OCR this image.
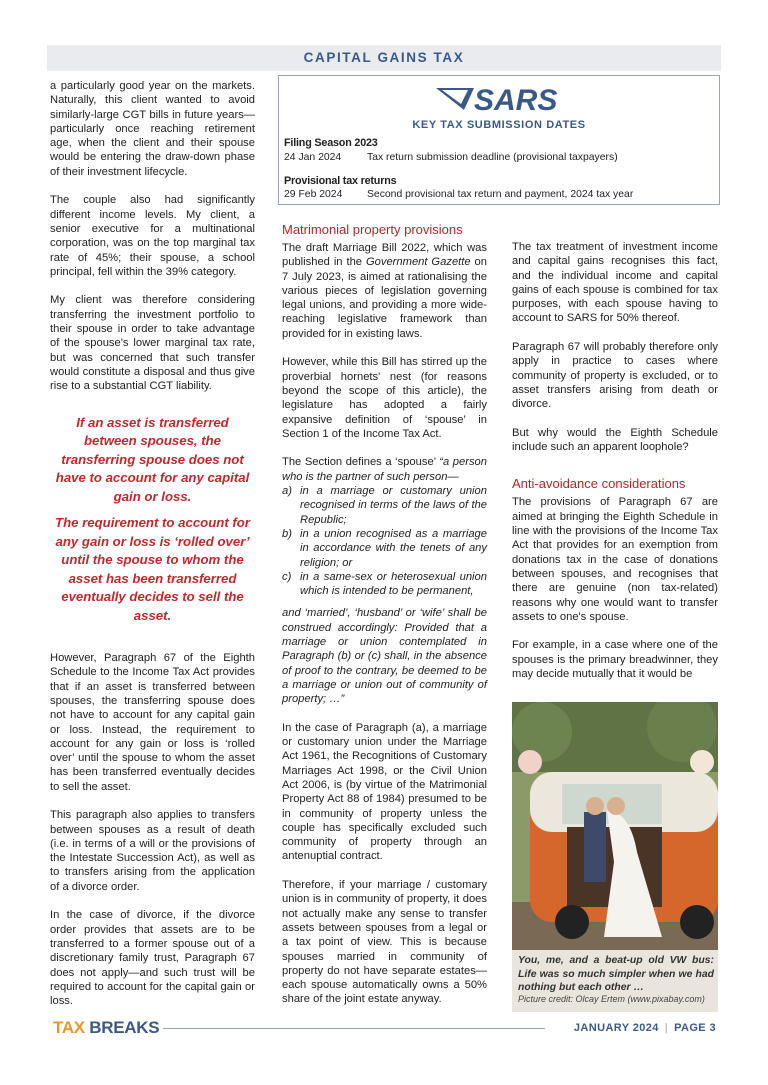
CAPITAL GAINS TAX
SARS
KEY TAX SUBMISSION DATES
Filing Season 2023
24 Jan 2024 Tax return submission deadline (provisional taxpayers)
Provisional tax returns
29 Feb 2024 Second provisional tax return and payment, 2024 tax year

a particularly good year on the markets. Naturally, this client wanted to avoid similarly-large CGT bills in future years—particularly once reaching retirement age, when the client and their spouse would be entering the draw-down phase of their investment lifecycle.

The couple also had significantly different income levels. My client, a senior executive for a multinational corporation, was on the top marginal tax rate of 45%; their spouse, a school principal, fell within the 39% category.

My client was therefore considering transferring the investment portfolio to their spouse in order to take advantage of the spouse's lower marginal tax rate, but was concerned that such transfer would constitute a disposal and thus give rise to a substantial CGT liability.

If an asset is transferred between spouses, the transferring spouse does not have to account for any capital gain or loss.
The requirement to account for any gain or loss is ‘rolled over’ until the spouse to whom the asset has been transferred eventually decides to sell the asset.

However, Paragraph 67 of the Eighth Schedule to the Income Tax Act provides that if an asset is transferred between spouses, the transferring spouse does not have to account for any capital gain or loss. Instead, the requirement to account for any gain or loss is ‘rolled over’ until the spouse to whom the asset has been transferred eventually decides to sell the asset.

This paragraph also applies to transfers between spouses as a result of death (i.e. in terms of a will or the provisions of the Intestate Succession Act), as well as to transfers arising from the application of a divorce order.

In the case of divorce, if the divorce order provides that assets are to be transferred to a former spouse out of a discretionary family trust, Paragraph 67 does not apply—and such trust will be required to account for the capital gain or loss.

Matrimonial property provisions

The draft Marriage Bill 2022, which was published in the Government Gazette on 7 July 2023, is aimed at rationalising the various pieces of legislation governing legal unions, and providing a more wide-reaching legislative framework than provided for in existing laws.

However, while this Bill has stirred up the proverbial hornets' nest (for reasons beyond the scope of this article), the legislature has adopted a fairly expansive definition of ‘spouse’ in Section 1 of the Income Tax Act.

The Section defines a ‘spouse’ “a person who is the partner of such person—

a) in a marriage or customary union recognised in terms of the laws of the Republic;
b) in a union recognised as a marriage in accordance with the tenets of any religion; or
c) in a same-sex or heterosexual union which is intended to be permanent,

and ‘married’, ‘husband’ or ‘wife’ shall be construed accordingly: Provided that a marriage or union contemplated in Paragraph (b) or (c) shall, in the absence of proof to the contrary, be deemed to be a marriage or union out of community of property; …”

In the case of Paragraph (a), a marriage or customary union under the Marriage Act 1961, the Recognitions of Customary Marriages Act 1998, or the Civil Union Act 2006, is (by virtue of the Matrimonial Property Act 88 of 1984) presumed to be in community of property unless the couple has specifically excluded such community of property through an antenuptial contract.

Therefore, if your marriage / customary union is in community of property, it does not actually make any sense to transfer assets between spouses from a legal or a tax point of view. This is because spouses married in community of property do not have separate estates—each spouse automatically owns a 50% share of the joint estate anyway.

The tax treatment of investment income and capital gains recognises this fact, and the individual income and capital gains of each spouse is combined for tax purposes, with each spouse having to account to SARS for 50% thereof.

Paragraph 67 will probably therefore only apply in practice to cases where community of property is excluded, or to asset transfers arising from death or divorce.

But why would the Eighth Schedule include such an apparent loophole?

Anti-avoidance considerations

The provisions of Paragraph 67 are aimed at bringing the Eighth Schedule in line with the provisions of the Income Tax Act that provides for an exemption from donations tax in the case of donations between spouses, and recognises that there are genuine (non tax-related) reasons why one would want to transfer assets to one's spouse.

For example, in a case where one of the spouses is the primary breadwinner, they may decide mutually that it would be

You, me, and a beat-up old VW bus: Life was so much simpler when we had nothing but each other …
Picture credit: Olcay Ertem (www.pixabay.com)
TAX BREAKS	JANUARY 2024 | PAGE 3
